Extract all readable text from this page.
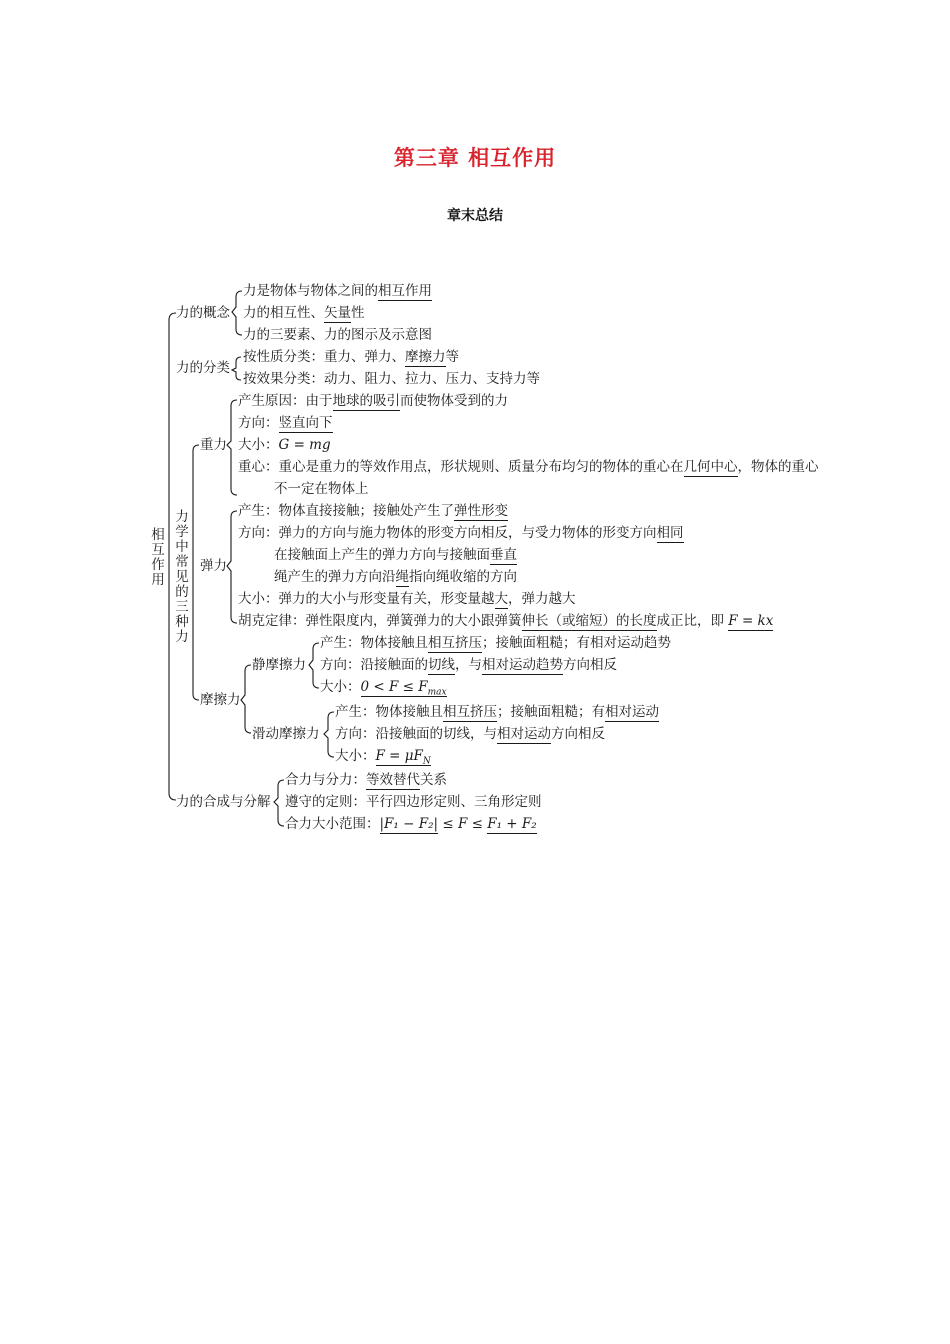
第三章 相互作用
章末总结
相互作用
力的概念
力是物体与物体之间的相互作用
力的相互性、矢量性
力的三要素、力的图示及示意图
力的分类
按性质分类：重力、弹力、摩擦力等
按效果分类：动力、阻力、拉力、压力、支持力等
力学中常见的三种力
重力
产生原因：由于地球的吸引而使物体受到的力
方向：竖直向下
大小：G = mg
重心：重心是重力的等效作用点，形状规则、质量分布均匀的物体的重心在几何中心，物体的重心
不一定在物体上
弹力
产生：物体直接接触；接触处产生了弹性形变
方向：弹力的方向与施力物体的形变方向相反，与受力物体的形变方向相同
在接触面上产生的弹力方向与接触面垂直
绳产生的弹力方向沿绳指向绳收缩的方向
大小：弹力的大小与形变量有关，形变量越大，弹力越大
胡克定律：弹性限度内，弹簧弹力的大小跟弹簧伸长（或缩短）的长度成正比，即 F = kx
摩擦力
静摩擦力
产生：物体接触且相互挤压；接触面粗糙；有相对运动趋势
方向：沿接触面的切线，与相对运动趋势方向相反
大小：$0 < F \le F_{max}$
滑动摩擦力
产生：物体接触且相互挤压；接触面粗糙；有相对运动
方向：沿接触面的切线，与相对运动方向相反
大小：$F = \mu F_N$
力的合成与分解
合力与分力：等效替代关系
遵守的定则：平行四边形定则、三角形定则
合力大小范围：|F₁ − F₂| ≤ F ≤ F₁ + F₂
